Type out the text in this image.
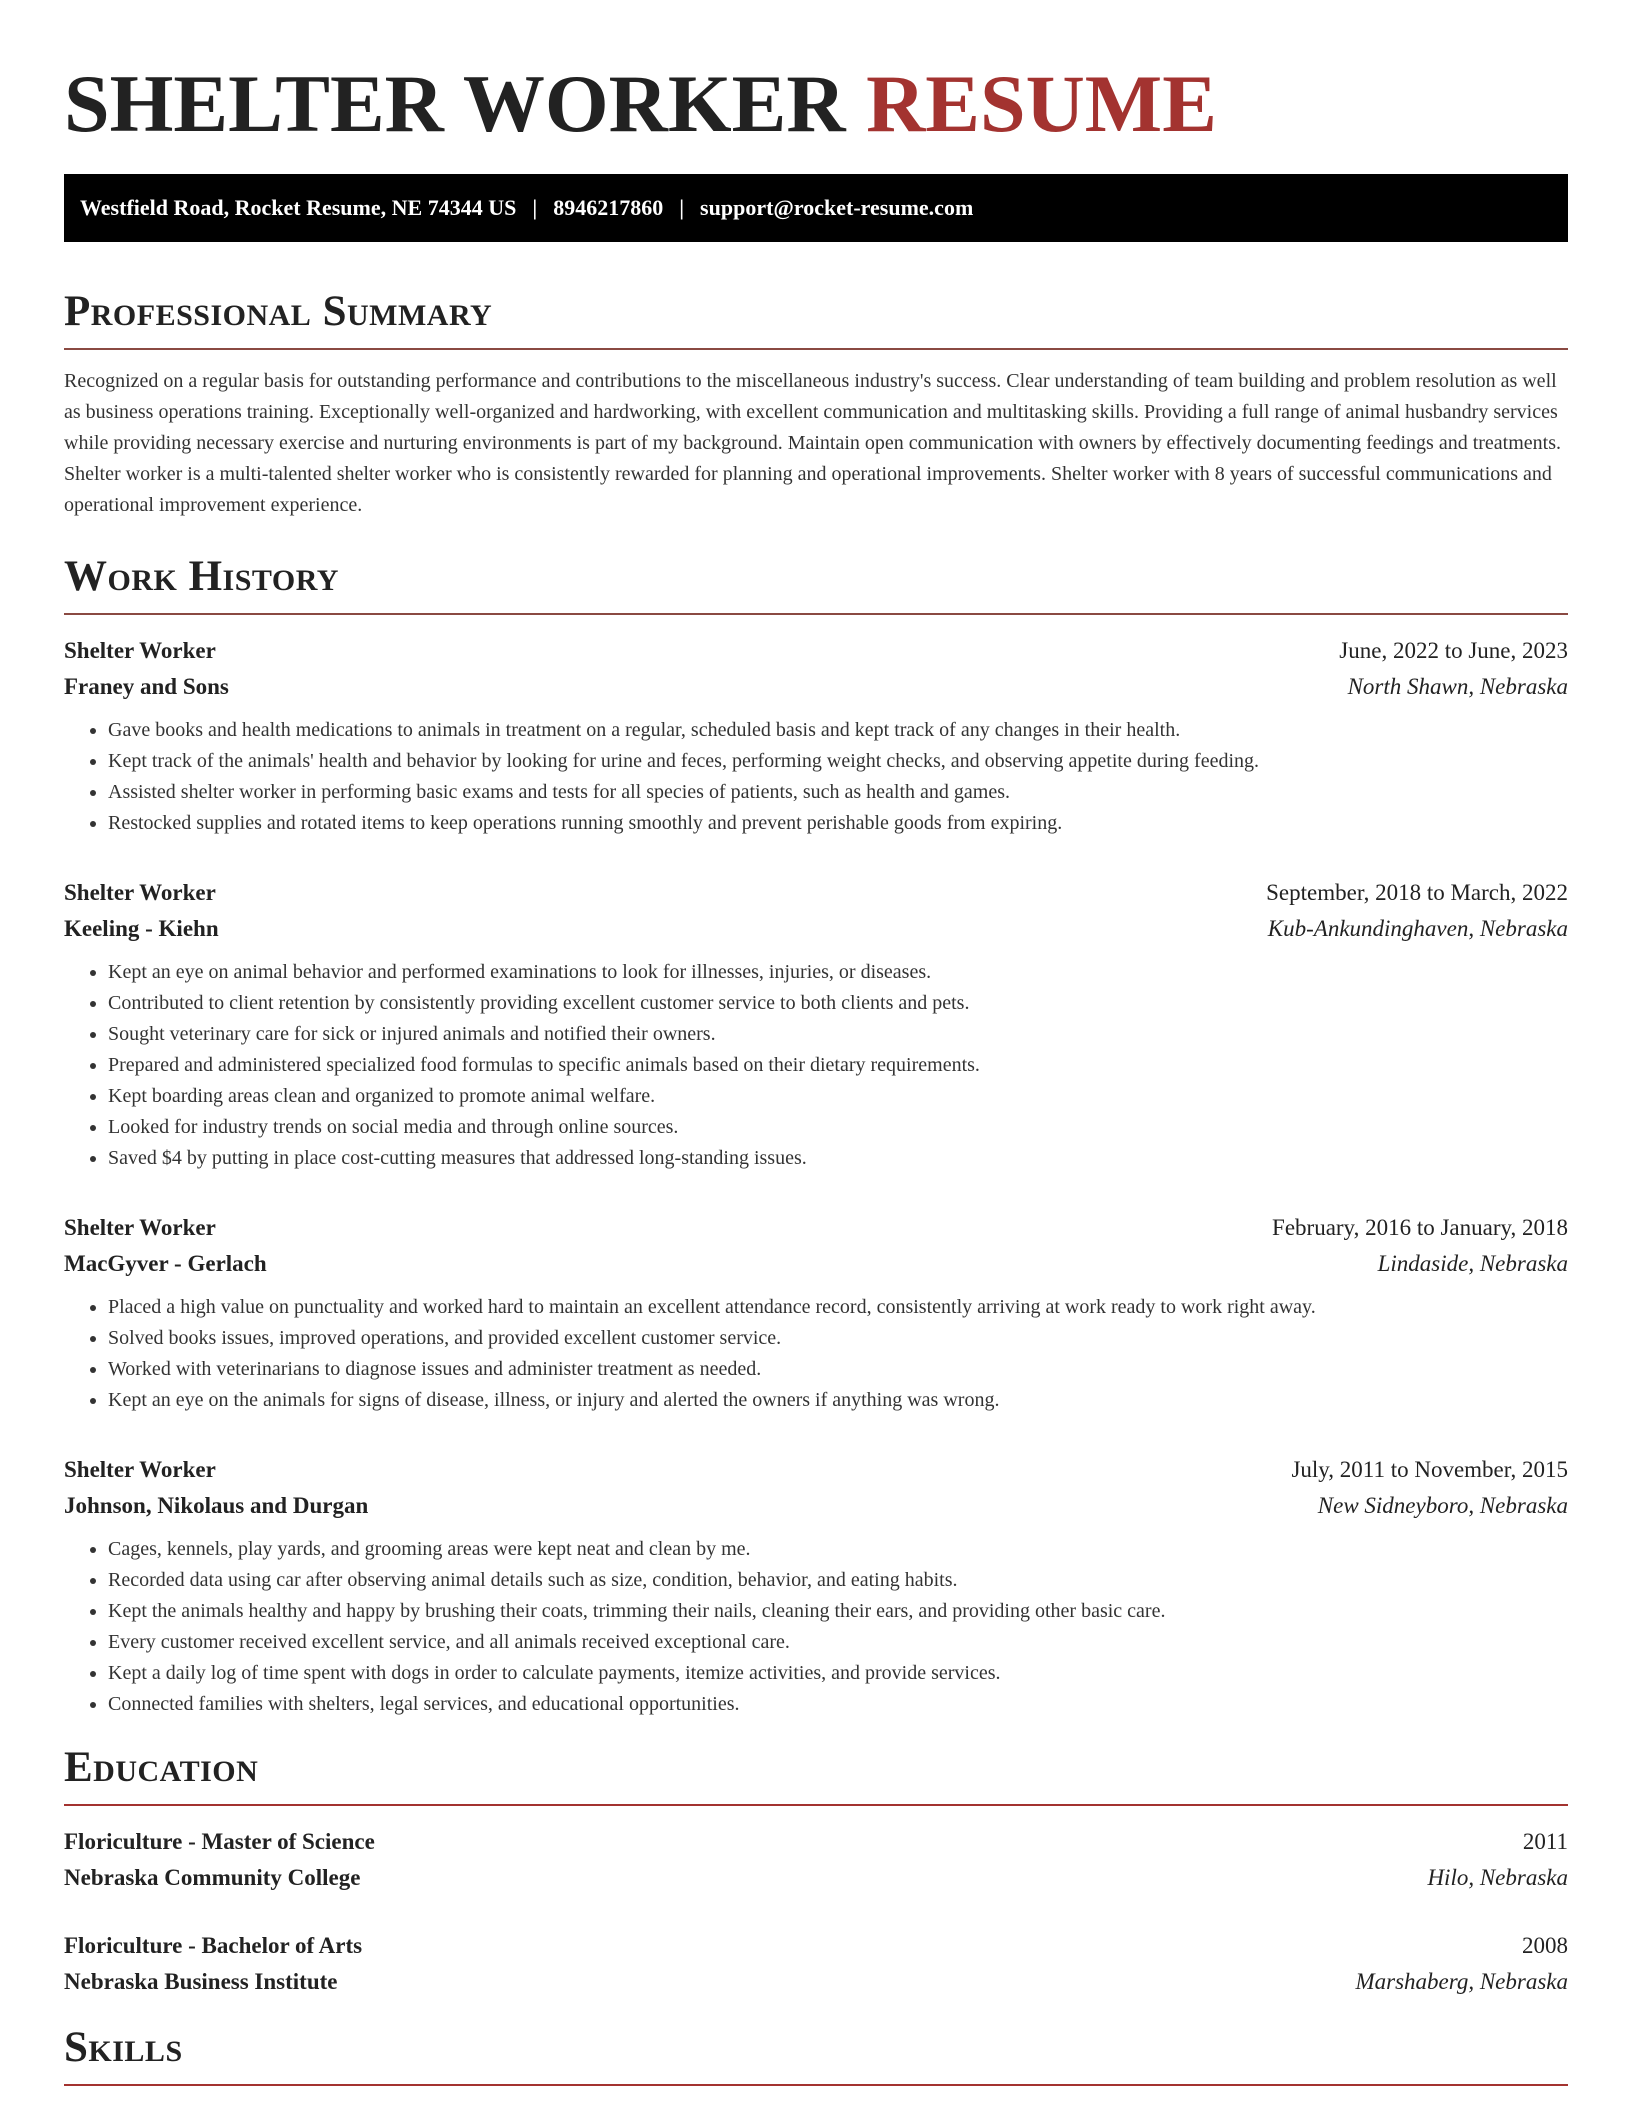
SHELTER WORKER RESUME
Westfield Road, Rocket Resume, NE 74344 US | 8946217860 | support@rocket-resume.com
Professional Summary

Recognized on a regular basis for outstanding performance and contributions to the miscellaneous industry's success. Clear understanding of team building and problem resolution as well as business operations training. Exceptionally well-organized and hardworking, with excellent communication and multitasking skills. Providing a full range of animal husbandry services while providing necessary exercise and nurturing environments is part of my background. Maintain open communication with owners by effectively documenting feedings and treatments. Shelter worker is a multi-talented shelter worker who is consistently rewarded for planning and operational improvements. Shelter worker with 8 years of successful communications and operational improvement experience.

Work History
Shelter Worker	June, 2022 to June, 2023
Franey and Sons	North Shawn, Nebraska
• Gave books and health medications to animals in treatment on a regular, scheduled basis and kept track of any changes in their health.
• Kept track of the animals' health and behavior by looking for urine and feces, performing weight checks, and observing appetite during feeding.
• Assisted shelter worker in performing basic exams and tests for all species of patients, such as health and games.
• Restocked supplies and rotated items to keep operations running smoothly and prevent perishable goods from expiring.
Shelter Worker	September, 2018 to March, 2022
Keeling - Kiehn	Kub-Ankundinghaven, Nebraska
• Kept an eye on animal behavior and performed examinations to look for illnesses, injuries, or diseases.
• Contributed to client retention by consistently providing excellent customer service to both clients and pets.
• Sought veterinary care for sick or injured animals and notified their owners.
• Prepared and administered specialized food formulas to specific animals based on their dietary requirements.
• Kept boarding areas clean and organized to promote animal welfare.
• Looked for industry trends on social media and through online sources.
• Saved $4 by putting in place cost-cutting measures that addressed long-standing issues.
Shelter Worker	February, 2016 to January, 2018
MacGyver - Gerlach	Lindaside, Nebraska
• Placed a high value on punctuality and worked hard to maintain an excellent attendance record, consistently arriving at work ready to work right away.
• Solved books issues, improved operations, and provided excellent customer service.
• Worked with veterinarians to diagnose issues and administer treatment as needed.
• Kept an eye on the animals for signs of disease, illness, or injury and alerted the owners if anything was wrong.
Shelter Worker	July, 2011 to November, 2015
Johnson, Nikolaus and Durgan	New Sidneyboro, Nebraska
• Cages, kennels, play yards, and grooming areas were kept neat and clean by me.
• Recorded data using car after observing animal details such as size, condition, behavior, and eating habits.
• Kept the animals healthy and happy by brushing their coats, trimming their nails, cleaning their ears, and providing other basic care.
• Every customer received excellent service, and all animals received exceptional care.
• Kept a daily log of time spent with dogs in order to calculate payments, itemize activities, and provide services.
• Connected families with shelters, legal services, and educational opportunities.
Education
Floriculture - Master of Science	2011
Nebraska Community College	Hilo, Nebraska
Floriculture - Bachelor of Arts	2008
Nebraska Business Institute	Marshaberg, Nebraska
Skills
